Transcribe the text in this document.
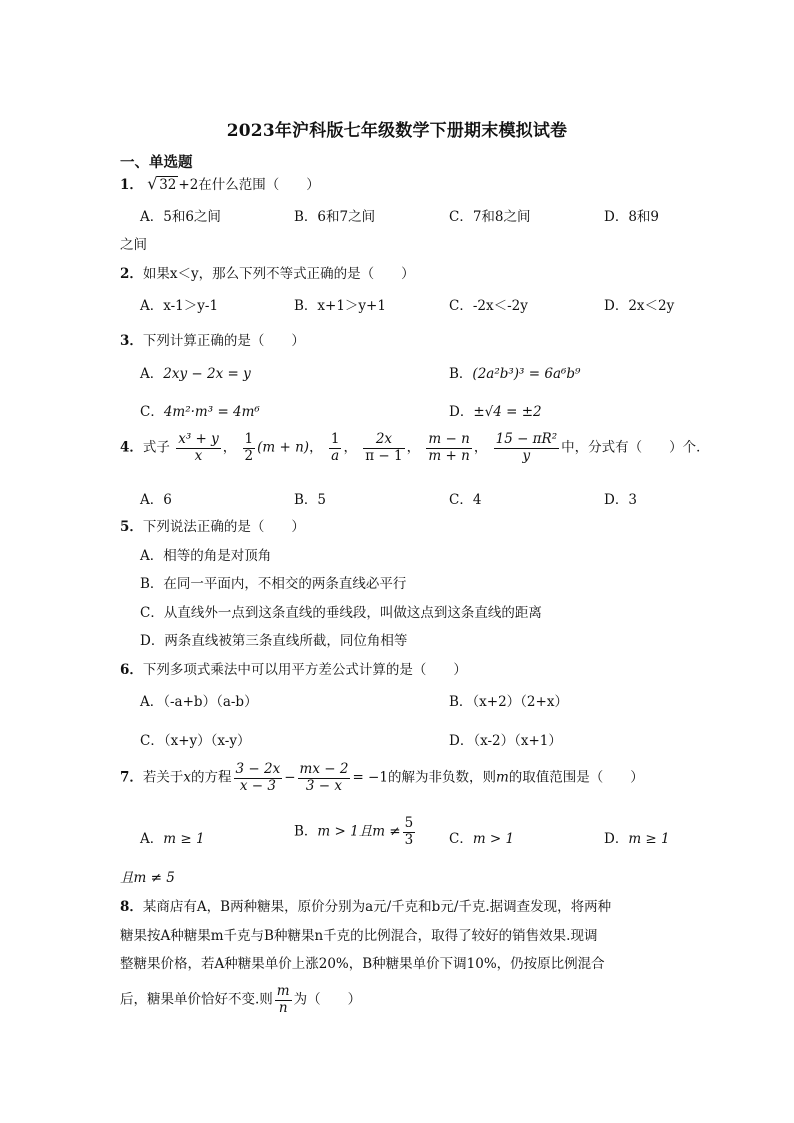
2023年沪科版七年级数学下册期末模拟试卷
一、单选题
1． √ 32 +2在什么范围（　　）
A．5和6之间	B．6和7之间	C．7和8之间	D．8和9
之间
2．如果x＜y，那么下列不等式正确的是（　　）
A．x-1＞y-1	B．x+1＞y+1	C．-2x＜-2y	D．2x＜2y
3．下列计算正确的是（　　）
A．2xy − 2x = y	B．(2a²b³)³ = 6a⁶b⁹
C．4m²·m³ = 4m⁶	D．±√4 = ±2
4．式子 $\frac{\text{x³ + y}}{x}$ ， $\frac{1}{2} (m + n)$， $\frac{1}{a}$ ， $\frac{2x}{\pi - 1}$ ， $\frac{m - n}{m + n}$ ， $\frac{\text{15 − πR²}}{y}$ 中，分式有（　　）个．
A．6	B．5	C．4	D．3
5．下列说法正确的是（　　）
A．相等的角是对顶角
B．在同一平面内，不相交的两条直线必平行
C．从直线外一点到这条直线的垂线段，叫做这点到这条直线的距离
D．两条直线被第三条直线所截，同位角相等
6．下列多项式乘法中可以用平方差公式计算的是（　　）
A．（-a+b）（a-b）	B．（x+2）（2+x）
C．（x+y）（x-y）	D．（x-2）（x+1）
7．若关于x的方程 $\frac{3 - 2x}{x - 3} - \frac{mx - 2}{3 - x} = -1$的解为非负数，则m的取值范围是（　　）
A．m ≥ 1	B．m > 1且$m \ne \frac{5}{3}$	C．m > 1	D．m ≥ 1
且m ≠ 5
8．某商店有A，B两种糖果，原价分别为a元/千克和b元/千克.据调查发现，将两种
糖果按A种糖果m千克与B种糖果n千克的比例混合，取得了较好的销售效果.现调
整糖果价格，若A种糖果单价上涨20%，B种糖果单价下调10%，仍按原比例混合
后，糖果单价恰好不变.则 $\frac{m}{n}$ 为（　　）
